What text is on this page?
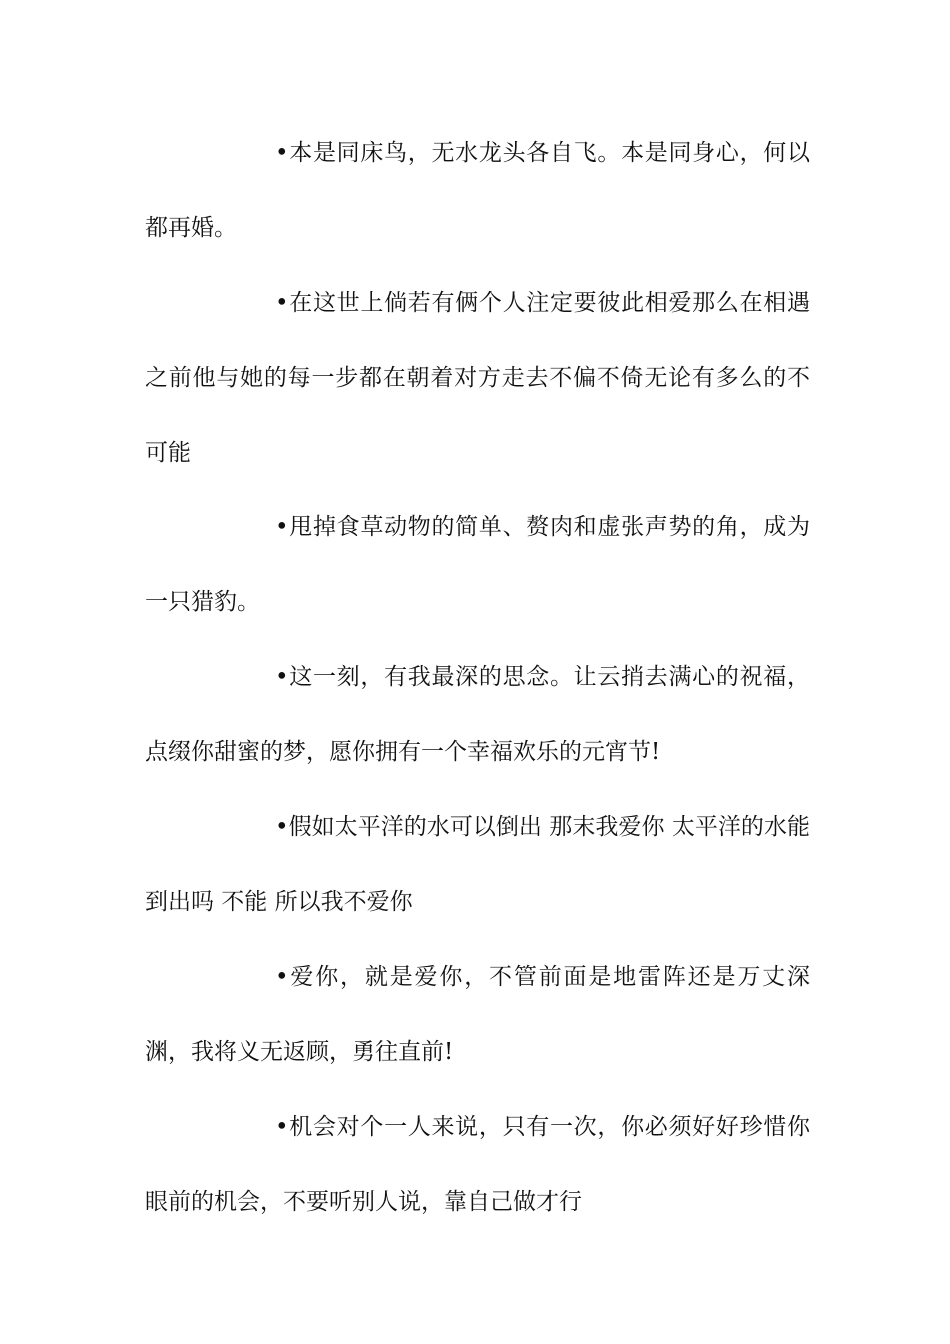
•本是同床鸟，无水龙头各自飞。本是同身心，何以都再婚。

•在这世上倘若有俩个人注定要彼此相爱那么在相遇之前他与她的每一步都在朝着对方走去不偏不倚无论有多么的不可能

•甩掉食草动物的简单、赘肉和虚张声势的角，成为一只猎豹。

•这一刻，有我最深的思念。让云捎去满心的祝福，点缀你甜蜜的梦，愿你拥有一个幸福欢乐的元宵节!

•假如太平洋的水可以倒出 那末我爱你 太平洋的水能到出吗 不能 所以我不爱你

•爱你，就是爱你，不管前面是地雷阵还是万丈深渊，我将义无返顾，勇往直前!

•机会对个一人来说，只有一次，你必须好好珍惜你眼前的机会，不要听别人说，靠自己做才行
